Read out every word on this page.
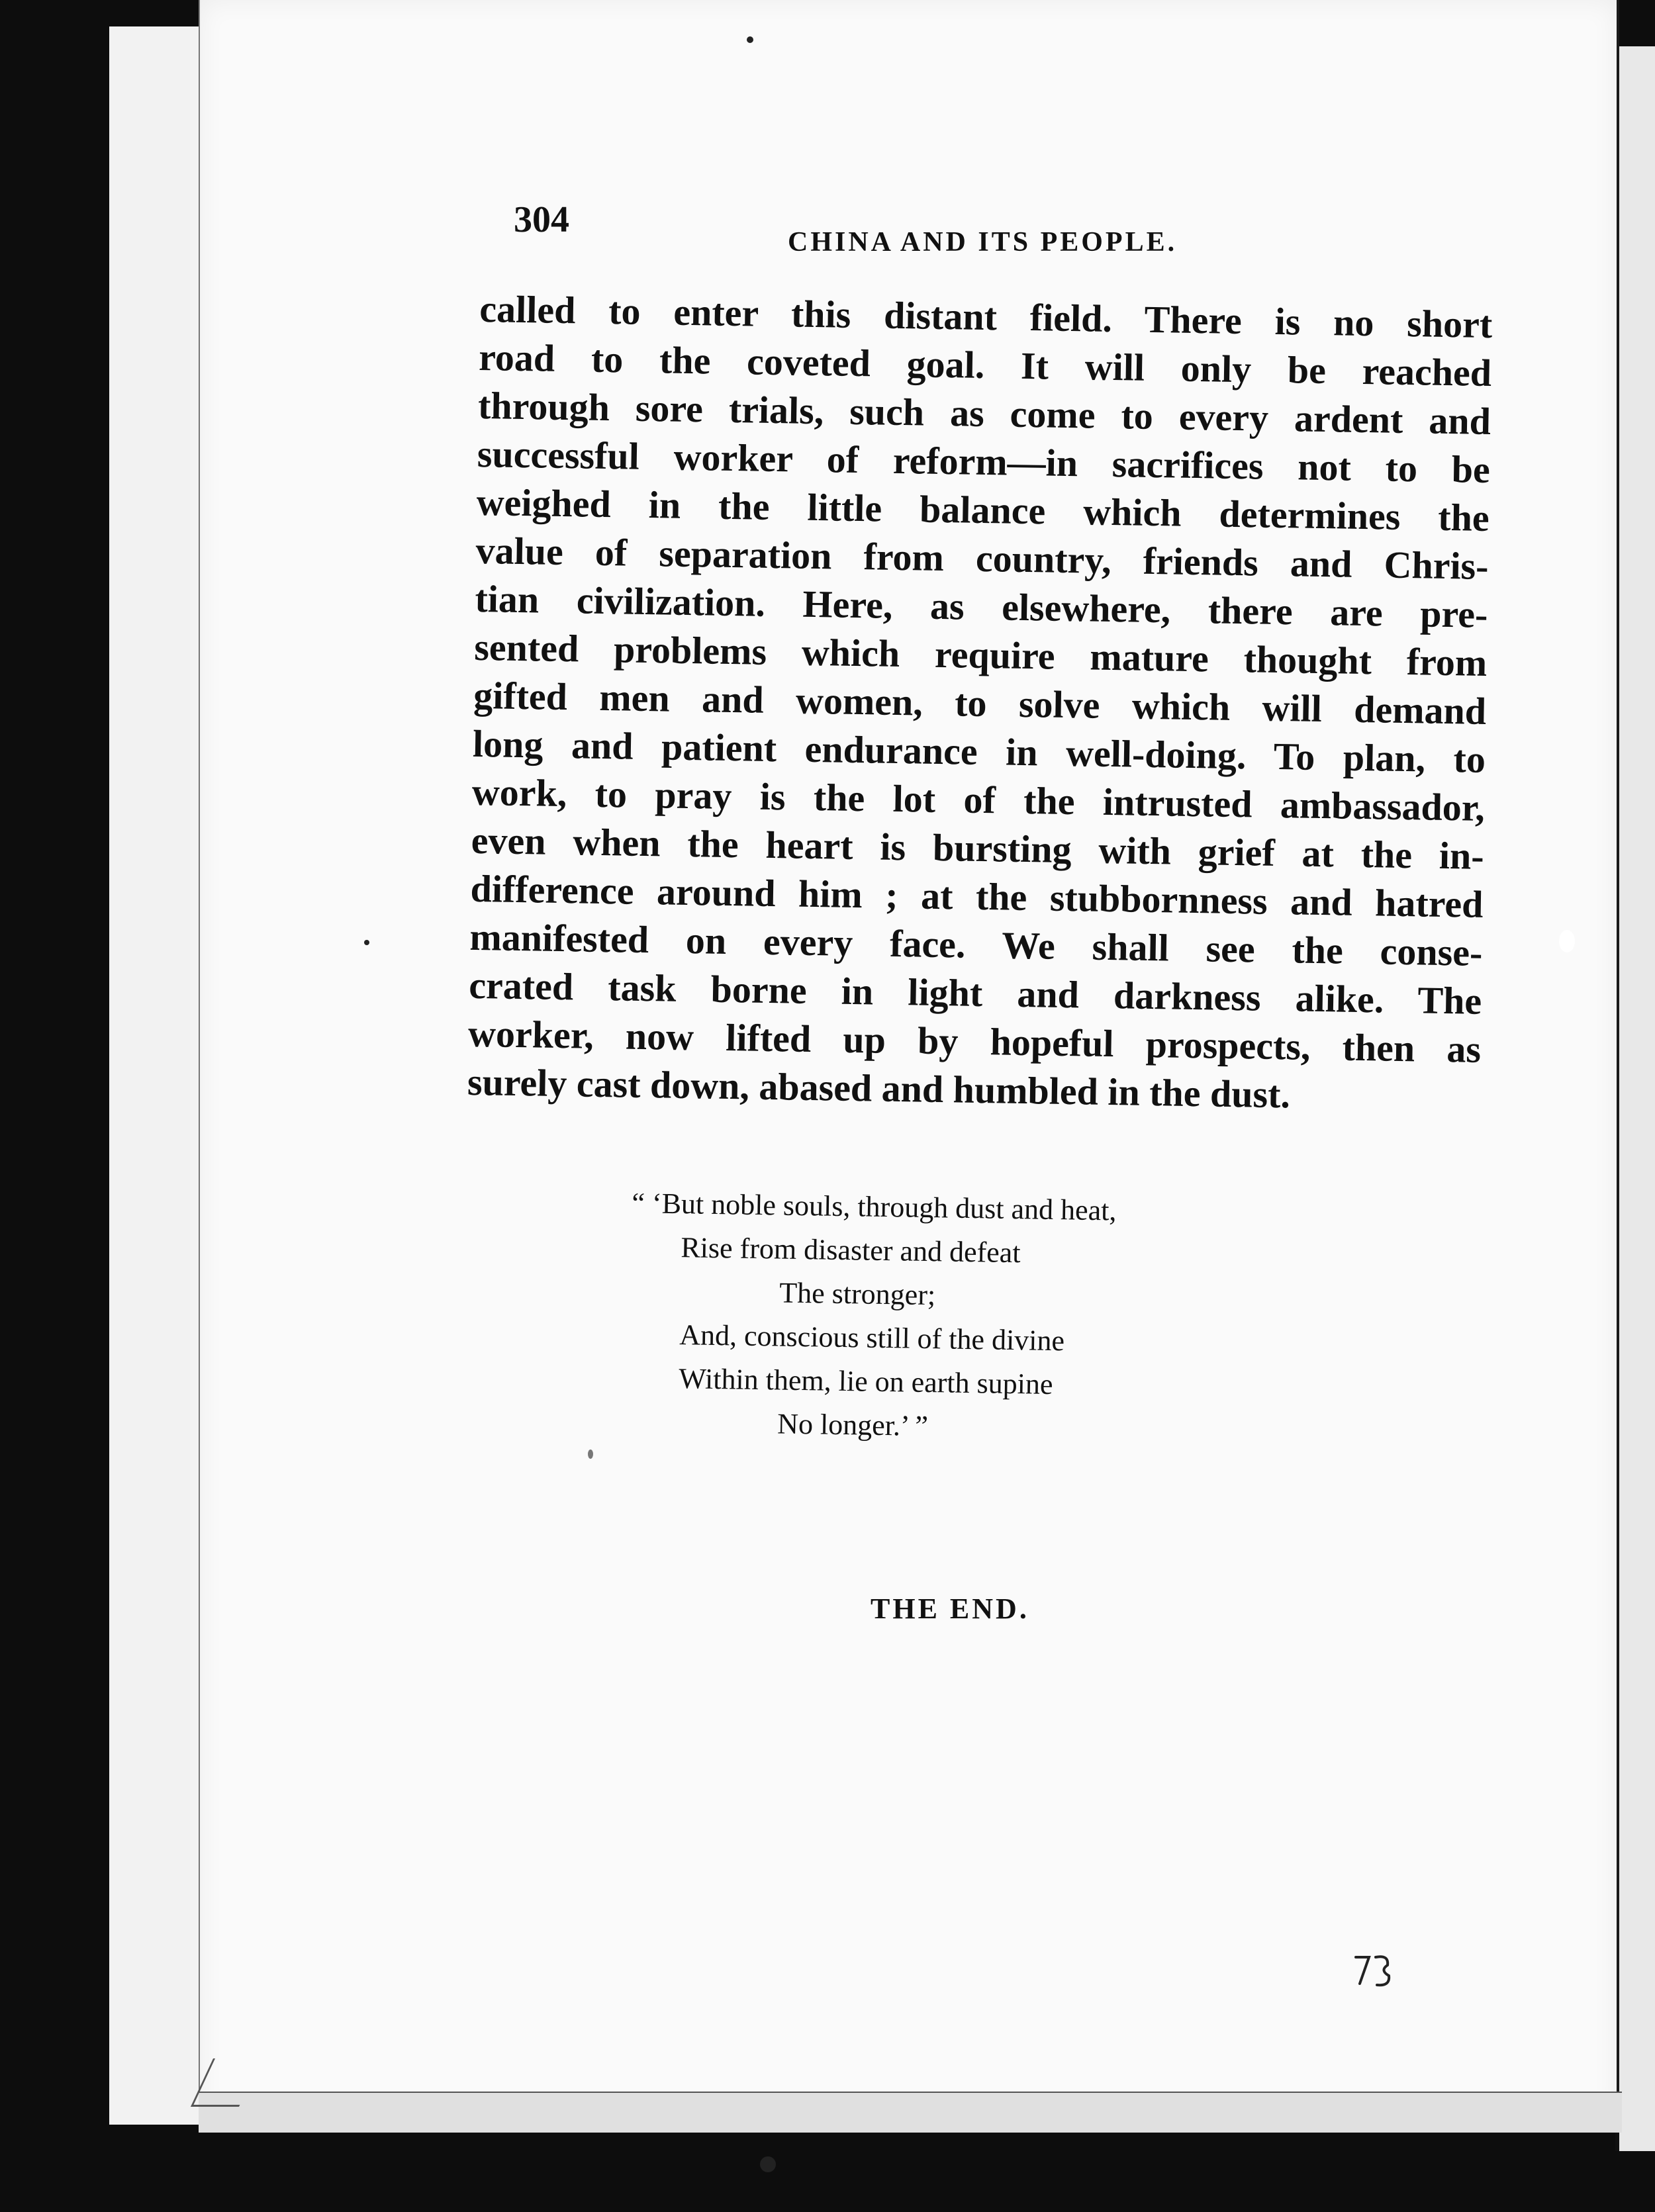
304
CHINA AND ITS PEOPLE.
called to enter this distant field. There is no short
road to the coveted goal. It will only be reached
through sore trials, such as come to every ardent and
successful worker of reform—in sacrifices not to be
weighed in the little balance which determines the
value of separation from country, friends and Chris-
tian civilization. Here, as elsewhere, there are pre-
sented problems which require mature thought from
gifted men and women, to solve which will demand
long and patient endurance in well-doing. To plan, to
work, to pray is the lot of the intrusted ambassador,
even when the heart is bursting with grief at the in-
difference around him ; at the stubbornness and hatred
manifested on every face. We shall see the conse-
crated task borne in light and darkness alike. The
worker, now lifted up by hopeful prospects, then as
surely cast down, abased and humbled in the dust.
“ ‘But noble souls, through dust and heat,
Rise from disaster and defeat
The stronger;
And, conscious still of the divine
Within them, lie on earth supine
No longer.’ ”
THE END.
